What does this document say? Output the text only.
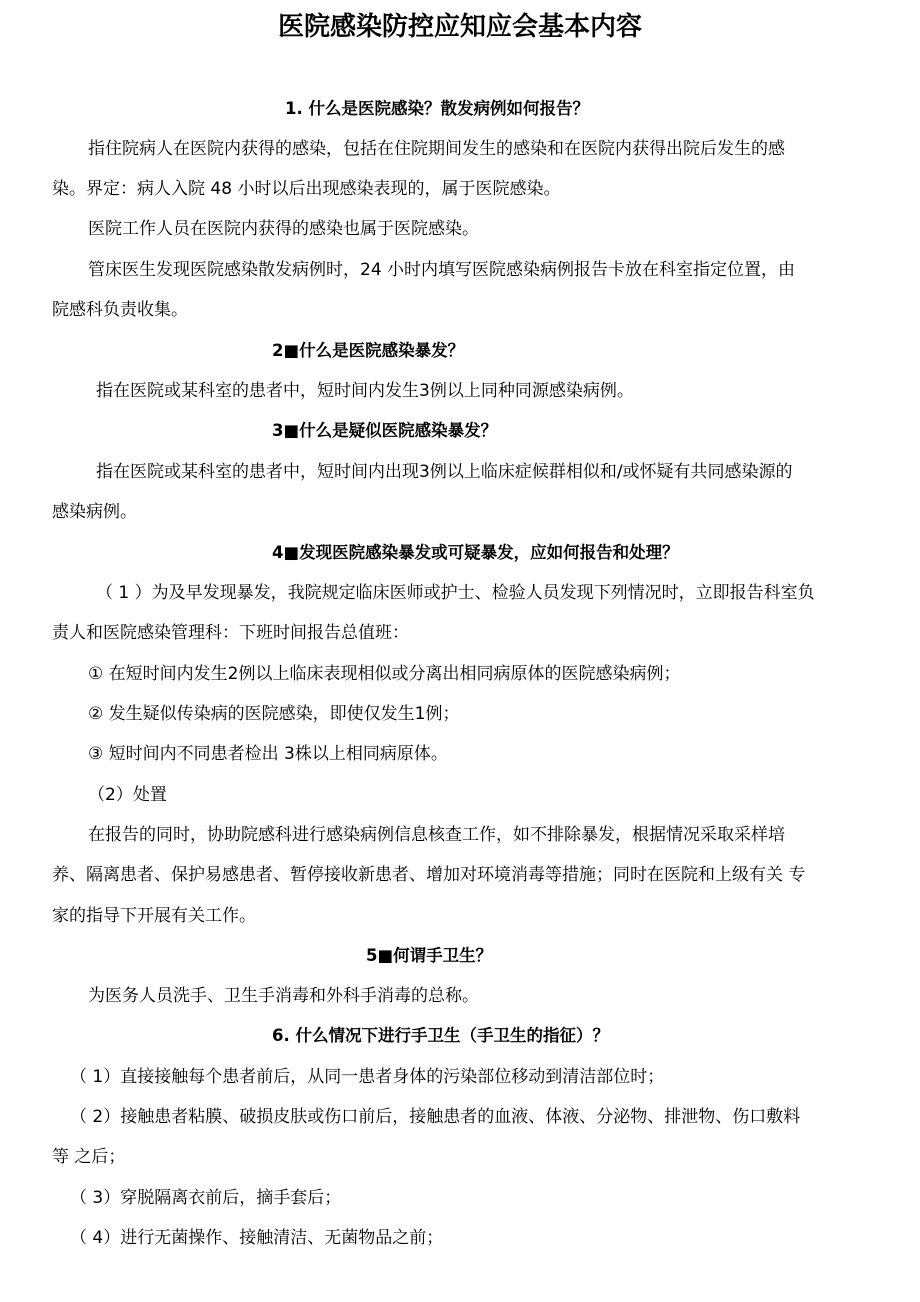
医院感染防控应知应会基本内容
1. 什么是医院感染？散发病例如何报告？
指住院病人在医院内获得的感染，包括在住院期间发生的感染和在医院内获得出院后发生的感
染。界定：病人入院 48 小时以后出现感染表现的，属于医院感染。
医院工作人员在医院内获得的感染也属于医院感染。
管床医生发现医院感染散发病例时，24 小时内填写医院感染病例报告卡放在科室指定位置，由
院感科负责收集。
2■什么是医院感染暴发？
指在医院或某科室的患者中，短时间内发生3例以上同种同源感染病例。
3■什么是疑似医院感染暴发？
指在医院或某科室的患者中，短时间内出现3例以上临床症候群相似和/或怀疑有共同感染源的
感染病例。
4■发现医院感染暴发或可疑暴发，应如何报告和处理？
（ 1 ）为及早发现暴发，我院规定临床医师或护士、检验人员发现下列情况时，立即报告科室负
责人和医院感染管理科：下班时间报告总值班：
① 在短时间内发生2例以上临床表现相似或分离出相同病原体的医院感染病例；
② 发生疑似传染病的医院感染，即使仅发生1例；
③ 短时间内不同患者检出 3株以上相同病原体。
（2）处置
在报告的同时，协助院感科进行感染病例信息核查工作，如不排除暴发，根据情况采取采样培
养、隔离患者、保护易感患者、暂停接收新患者、增加对环境消毒等措施；同时在医院和上级有关 专
家的指导下开展有关工作。
5■何谓手卫生？
为医务人员洗手、卫生手消毒和外科手消毒的总称。
6. 什么情况下进行手卫生（手卫生的指征）？
（ 1）直接接触每个患者前后，从同一患者身体的污染部位移动到清洁部位时；
（ 2）接触患者粘膜、破损皮肤或伤口前后，接触患者的血液、体液、分泌物、排泄物、伤口敷料
等 之后；
（ 3）穿脱隔离衣前后，摘手套后；
（ 4）进行无菌操作、接触清洁、无菌物品之前；
